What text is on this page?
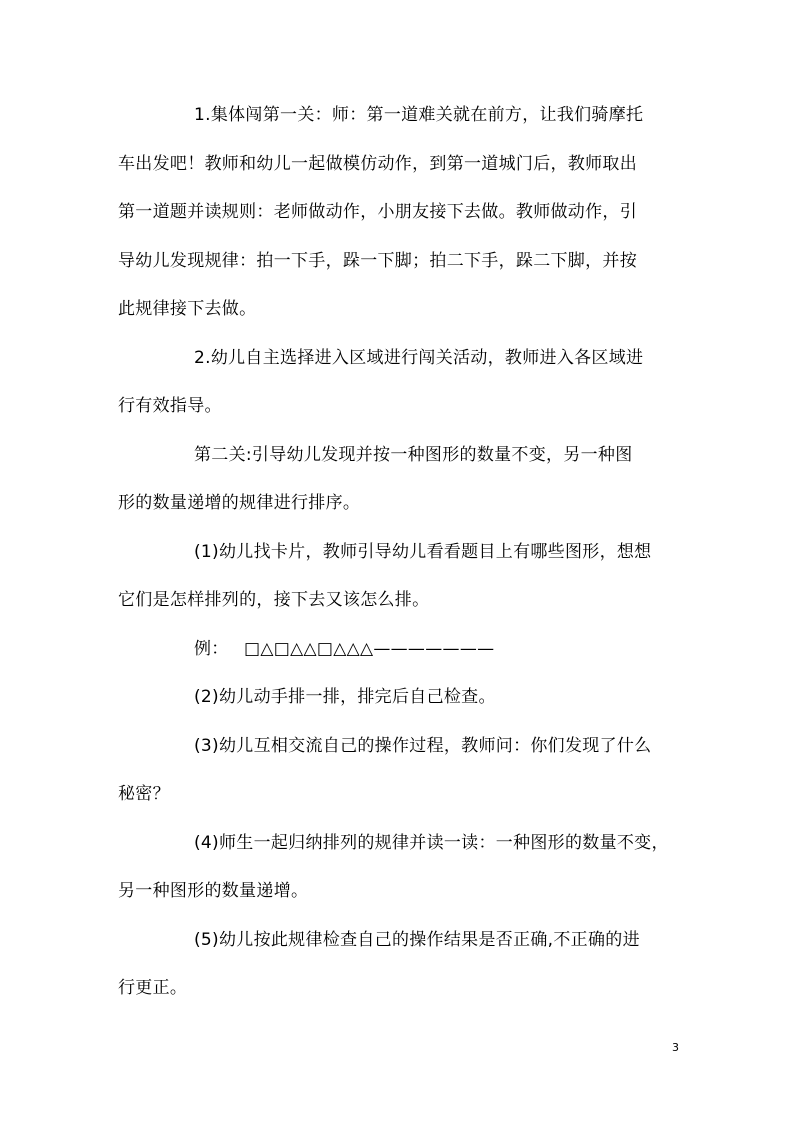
1.集体闯第一关：师：第一道难关就在前方，让我们骑摩托
车出发吧！教师和幼儿一起做模仿动作，到第一道城门后，教师取出
第一道题并读规则：老师做动作，小朋友接下去做。教师做动作，引
导幼儿发现规律：拍一下手，跺一下脚；拍二下手，跺二下脚，并按
此规律接下去做。

2.幼儿自主选择进入区域进行闯关活动，教师进入各区域进
行有效指导。

第二关:引导幼儿发现并按一种图形的数量不变，另一种图
形的数量递增的规律进行排序。

(1)幼儿找卡片，教师引导幼儿看看题目上有哪些图形，想想
它们是怎样排列的，接下去又该怎么排。

例： □△□△△□△△△———————

(2)幼儿动手排一排，排完后自己检查。

(3)幼儿互相交流自己的操作过程，教师问：你们发现了什么
秘密？

(4)师生一起归纳排列的规律并读一读：一种图形的数量不变，
另一种图形的数量递增。

(5)幼儿按此规律检查自己的操作结果是否正确,不正确的进
行更正。

3
